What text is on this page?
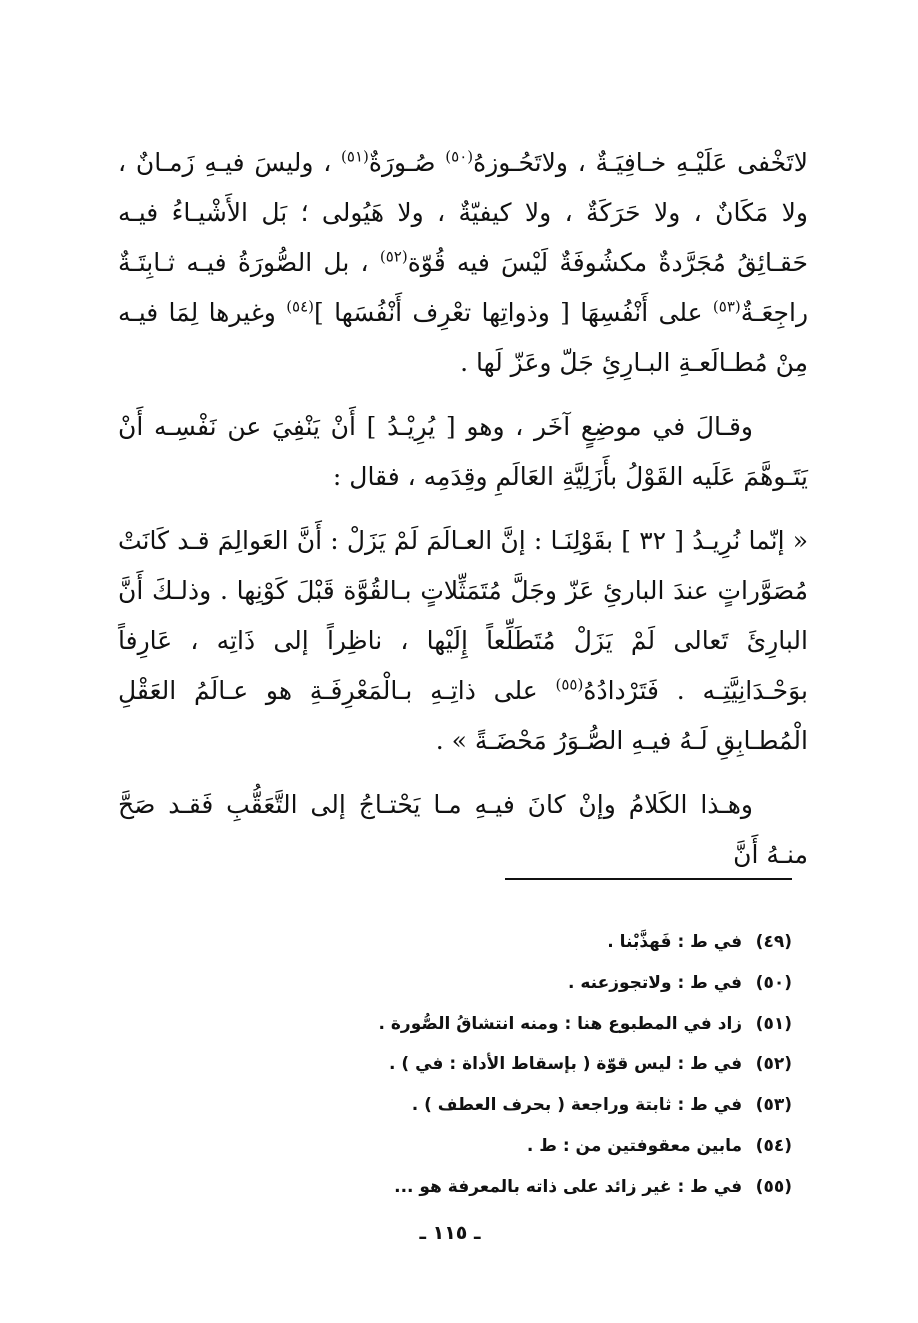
لاتَخْفى عَلَيْـهِ خـافِيَـةٌ ، ولاتَحُـوزهُ$^{(٥٠)}$ صُـورَةٌ$^{(٥١)}$ ، وليسَ فيـهِ زَمـانٌ ، ولا مَكَانٌ ، ولا حَرَكَةٌ ، ولا كيفيّةٌ ، ولا هَيُولى ؛ بَل الأَشْيـاءُ فيـه حَقـائِقُ مُجَرَّدةٌ مكشُوفَةٌ لَيْسَ فيه قُوّة$^{(٥٢)}$ ، بل الصُّورَةُ فيـه ثـابِتَـةٌ راجِعَـةٌ$^{(٥٣)}$ على أَنْفُسِهَا [ وذواتِها تعْرِف أَنْفُسَها ]$^{(٥٤)}$ وغيرها لِمَا فيـه مِنْ مُطـالَعـةِ البـارِئِ جَلّ وعَزّ لَها .

وقـالَ في موضِعٍ آخَر ، وهو [ يُرِيْـدُ ] أَنْ يَنْفِيَ عن نَفْسِـه أَنْ يَتَـوهَّمَ عَلَيه القَوْلُ بأَزَلِيَّةِ العَالَمِ وقِدَمِه ، فقال :

« إنّما نُرِيـدُ [ ٣٢ ] بقَوْلِنَـا : إنَّ العـالَمَ لَمْ يَزَلْ : أَنَّ العَوالِمَ قـد كَانَتْ مُصَوَّراتٍ عندَ البارئِ عَزّ وجَلَّ مُتَمَثِّلاتٍ بـالقُوَّة قَبْلَ كَوْنِها . وذلـكَ أَنَّ البارِئَ تَعالى لَمْ يَزَلْ مُتَطَلِّعاً إِلَيْها ، ناظِراً إلى ذَاتِه ، عَارِفاً بوَحْـدَانِيَّتِـه . فَتَرْدادُهُ$^{(٥٥)}$ على ذاتِـهِ بـالْمَعْرِفَـةِ هو عـالَمُ العَقْلِ الْمُطـابِقِ لَـهُ فيـهِ الصُّـوَرُ مَحْضَـةً » .

وهـذا الكَلامُ وإنْ كانَ فيـهِ مـا يَحْتـاجُ إلى التَّعَقُّبِ فَقـد صَحَّ منـهُ أَنَّ

(٤٩) في ط : فَهذَّبْنا .
(٥٠) في ط : ولاتجوزعنه .
(٥١) زاد في المطبوع هنا : ومنه انتشاقُ الصُّورة .
(٥٢) في ط : ليس قوّة ( بإسقاط الأداة : في ) .
(٥٣) في ط : ثابتة وراجعة ( بحرف العطف ) .
(٥٤) مابين معقوفتين من : ط .
(٥٥) في ط : غير زائد على ذاته بالمعرفة هو ...
ـ ١١٥ ـ
